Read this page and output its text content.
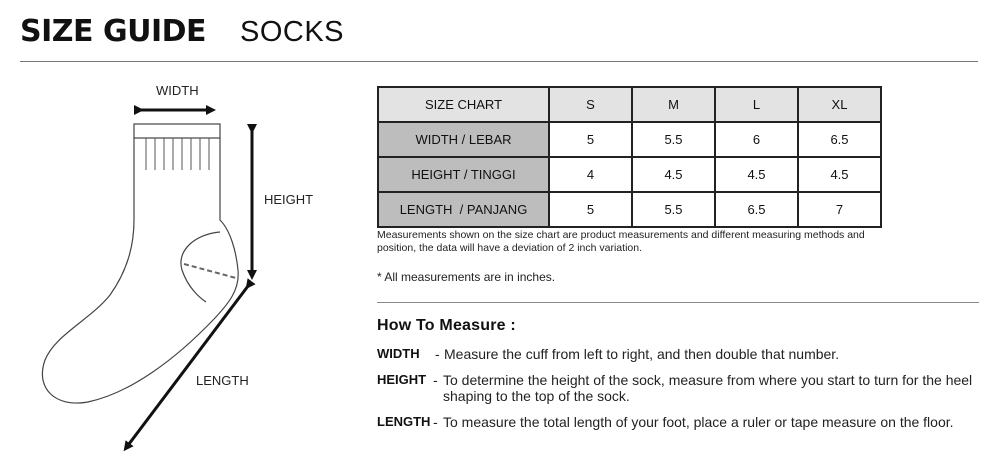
SIZE GUIDE SOCKS
WIDTH
HEIGHT
LENGTH
SIZE CHART	S	M	L	XL
WIDTH / LEBAR	5	5.5	6	6.5
HEIGHT / TINGGI	4	4.5	4.5	4.5
LENGTH  / PANJANG	5	5.5	6.5	7
Measurements shown on the size chart are product measurements and different measuring methods and position, the data will have a deviation of 2 inch variation.
* All measurements are in inches.
How To Measure :
WIDTH - Measure the cuff from left to right, and then double that number.
HEIGHT - To determine the height of the sock, measure from where you start to turn for the heel shaping to the top of the sock.
LENGTH - To measure the total length of your foot, place a ruler or tape measure on the floor.
